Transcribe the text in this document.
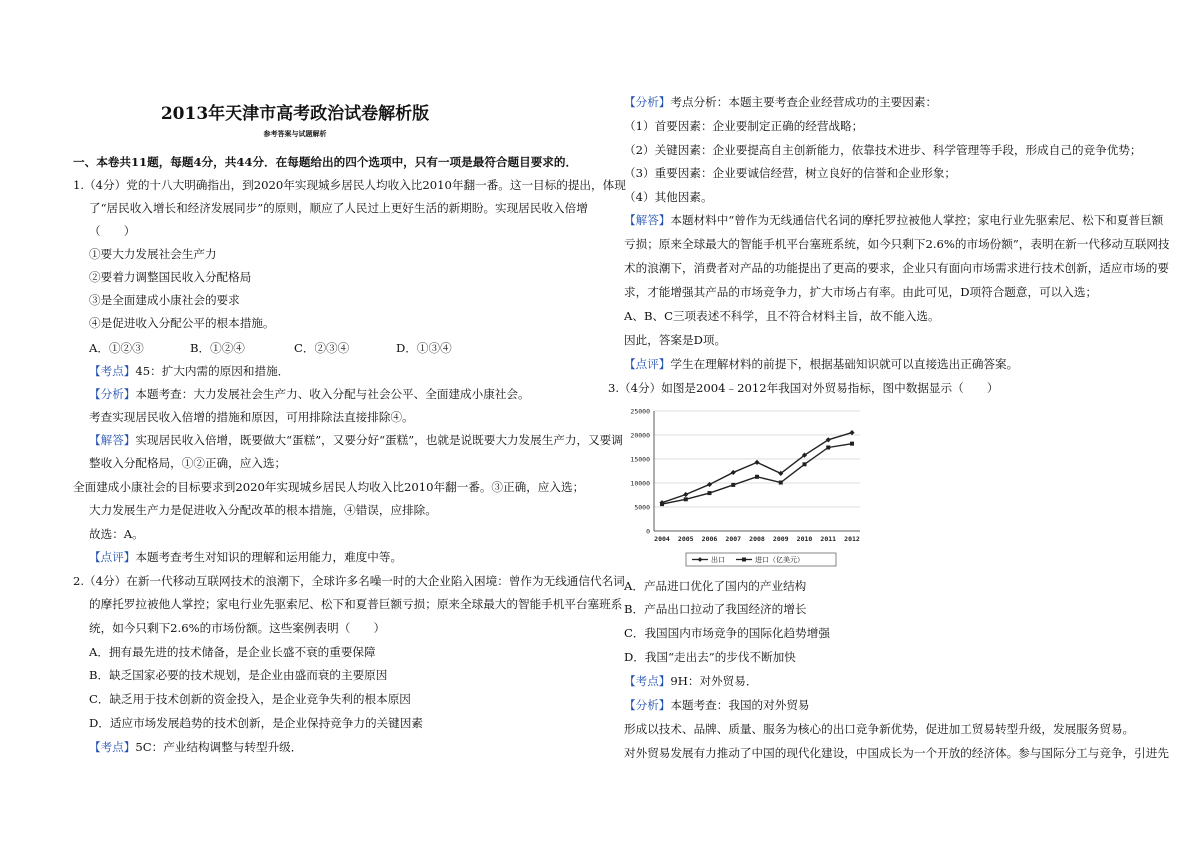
2013年天津市高考政治试卷解析版
参考答案与试题解析
一、本卷共11题，每题4分，共44分．在每题给出的四个选项中，只有一项是最符合题目要求的．
1.（4分）党的十八大明确指出，到2020年实现城乡居民人均收入比2010年翻一番。这一目标的提出，体现
了“居民收入增长和经济发展同步”的原则，顺应了人民过上更好生活的新期盼。实现居民收入倍增
（　　）
①要大力发展社会生产力
②要着力调整国民收入分配格局
③是全面建成小康社会的要求
④是促进收入分配公平的根本措施。
A．①②③	B．①②④	C．②③④	D．①③④
【考点】45：扩大内需的原因和措施．
【分析】本题考查：大力发展社会生产力、收入分配与社会公平、全面建成小康社会。
考查实现居民收入倍增的措施和原因，可用排除法直接排除④。
【解答】实现居民收入倍增，既要做大“蛋糕”，又要分好“蛋糕”，也就是说既要大力发展生产力，又要调
整收入分配格局，①②正确，应入选；
全面建成小康社会的目标要求到2020年实现城乡居民人均收入比2010年翻一番。③正确，应入选；
大力发展生产力是促进收入分配改革的根本措施，④错误，应排除。
故选：A。
【点评】本题考查考生对知识的理解和运用能力，难度中等。
2.（4分）在新一代移动互联网技术的浪潮下，全球许多名噪一时的大企业陷入困境：曾作为无线通信代名词
的摩托罗拉被他人掌控；家电行业先驱索尼、松下和夏普巨额亏损；原来全球最大的智能手机平台塞班系
统，如今只剩下2.6%的市场份额。这些案例表明（　　）
A．拥有最先进的技术储备，是企业长盛不衰的重要保障
B．缺乏国家必要的技术规划，是企业由盛而衰的主要原因
C．缺乏用于技术创新的资金投入，是企业竞争失利的根本原因
D．适应市场发展趋势的技术创新，是企业保持竞争力的关键因素
【考点】5C：产业结构调整与转型升级．
【分析】考点分析：本题主要考查企业经营成功的主要因素：
（1）首要因素：企业要制定正确的经营战略；
（2）关键因素：企业要提高自主创新能力，依靠技术进步、科学管理等手段，形成自己的竞争优势；
（3）重要因素：企业要诚信经营，树立良好的信誉和企业形象；
（4）其他因素。
【解答】本题材料中“曾作为无线通信代名词的摩托罗拉被他人掌控；家电行业先驱索尼、松下和夏普巨额
亏损；原来全球最大的智能手机平台塞班系统，如今只剩下2.6%的市场份额”，表明在新一代移动互联网技
术的浪潮下，消费者对产品的功能提出了更高的要求，企业只有面向市场需求进行技术创新，适应市场的要
求，才能增强其产品的市场竞争力，扩大市场占有率。由此可见，D项符合题意，可以入选；
A、B、C三项表述不科学，且不符合材料主旨，故不能入选。
因此，答案是D项。
【点评】学生在理解材料的前提下，根据基础知识就可以直接选出正确答案。
3.（4分）如图是2004﹣2012年我国对外贸易指标，图中数据显示（　　）
25000
20000
15000
10000
5000
0
2004 2005 2006 2007 2008 2009 2010 2011 2012
出口	进口（亿美元）
A．产品进口优化了国内的产业结构
B．产品出口拉动了我国经济的增长
C．我国国内市场竞争的国际化趋势增强
D．我国“走出去”的步伐不断加快
【考点】9H：对外贸易．
【分析】本题考查：我国的对外贸易
形成以技术、品牌、质量、服务为核心的出口竞争新优势，促进加工贸易转型升级，发展服务贸易。
对外贸易发展有力推动了中国的现代化建设，中国成长为一个开放的经济体。参与国际分工与竞争，引进先
